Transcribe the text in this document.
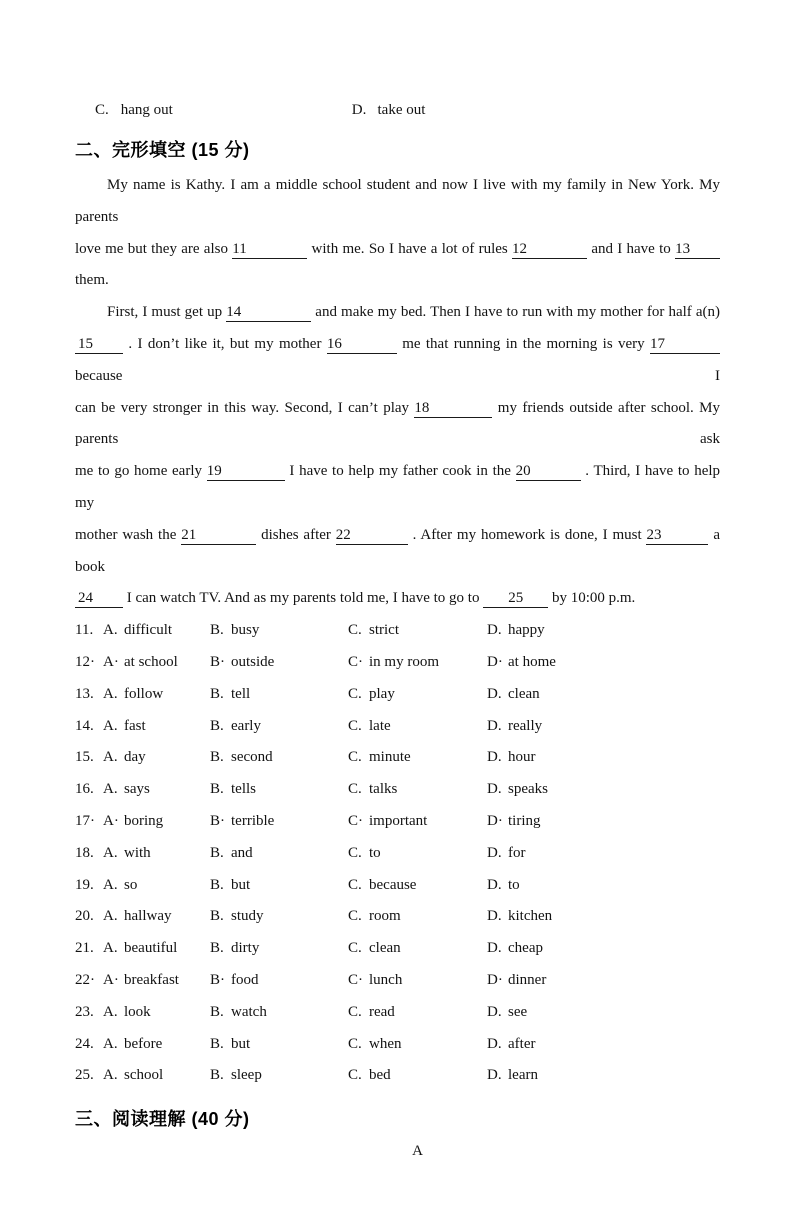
C. hang out	D. take out
二、完形填空 (15 分)
My name is Kathy. I am a middle school student and now I live with my family in New York. My parents
love me but they are also 11	with me. So I have a lot of rules 12	and I have to 13
them.
First, I must get up 14	and make my bed. Then I have to run with my mother for half a(n)
15 . I don’t like it, but my mother 16	me that running in the morning is very 17 because I
can be very stronger in this way. Second, I can’t play 18	my friends outside after school. My parents ask
me to go home early 19	I have to help my father cook in the 20	. Third, I have to help my
mother wash the 21	dishes after 22	. After my homework is done, I must 23	a book
24 I can watch TV. And as my parents told me, I have to go to 25 by 10:00 p.m.
11. A. difficult	B. busy	C. strict	D. happy
12· A· at school	B· outside	C· in my room	D· at home
13. A. follow	B. tell	C. play	D. clean
14. A. fast	B. early	C. late	D. really
15. A. day	B. second	C. minute	D. hour
16. A. says	B. tells	C. talks	D. speaks
17· A· boring	B· terrible	C· important	D· tiring
18. A. with	B. and	C. to	D. for
19. A. so	B. but	C. because	D. to
20. A. hallway	B. study	C. room	D. kitchen
21. A. beautiful	B. dirty	C. clean	D. cheap
22· A· breakfast	B· food	C· lunch	D· dinner
23. A. look	B. watch	C. read	D. see
24. A. before	B. but	C. when	D. after
25. A. school	B. sleep	C. bed	D. learn
三、阅读理解 (40 分)
A
